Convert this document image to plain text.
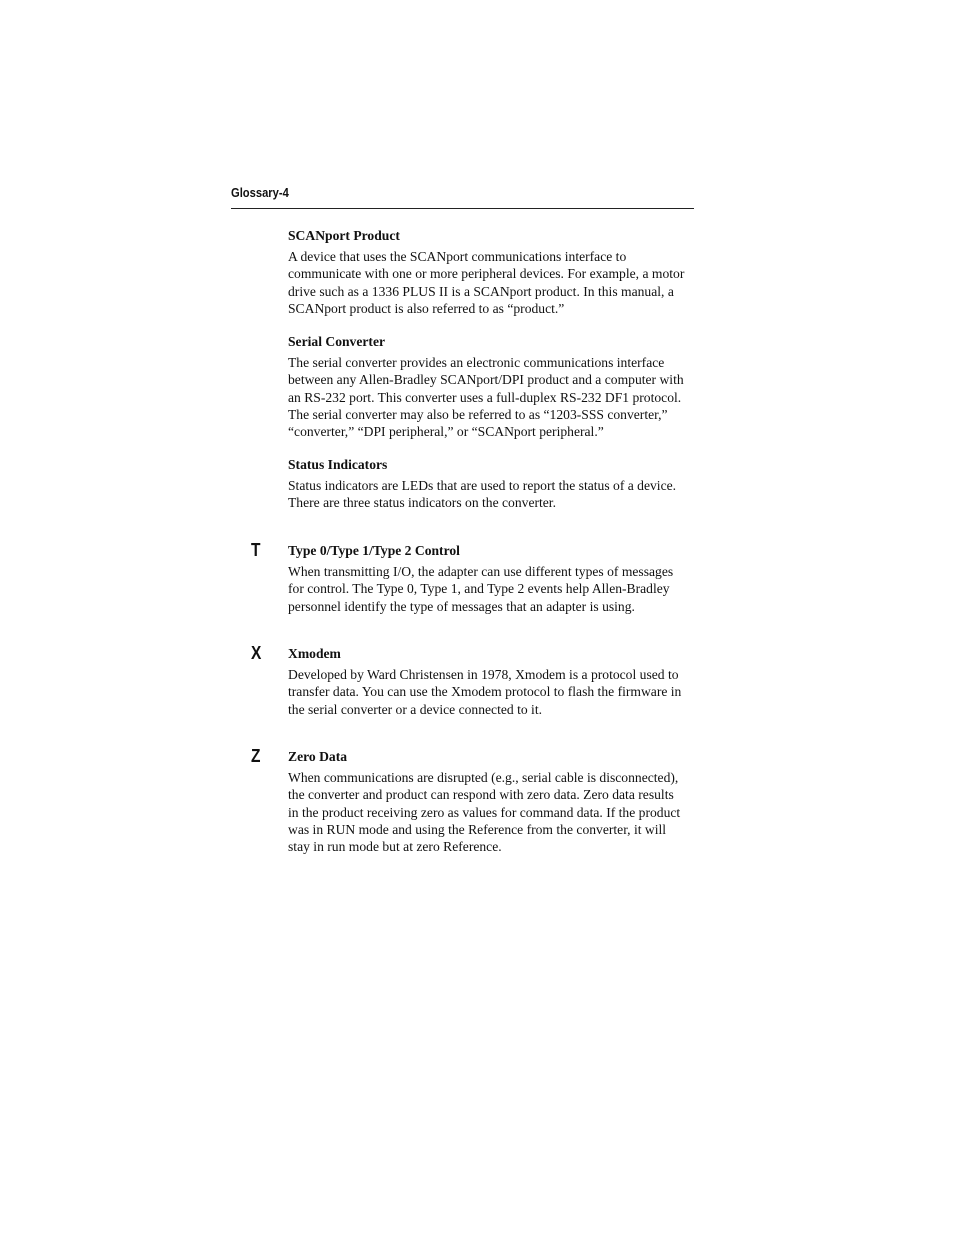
Glossary-4
SCANport Product

A device that uses the SCANport communications interface to
communicate with one or more peripheral devices. For example, a motor
drive such as a 1336 PLUS II is a SCANport product. In this manual, a
SCANport product is also referred to as “product.”

Serial Converter

The serial converter provides an electronic communications interface
between any Allen-Bradley SCANport/DPI product and a computer with
an RS-232 port. This converter uses a full-duplex RS-232 DF1 protocol.
The serial converter may also be referred to as “1203-SSS converter,”
“converter,” “DPI peripheral,” or “SCANport peripheral.”

Status Indicators

Status indicators are LEDs that are used to report the status of a device.
There are three status indicators on the converter.

T Type 0/Type 1/Type 2 Control

When transmitting I/O, the adapter can use different types of messages
for control. The Type 0, Type 1, and Type 2 events help Allen-Bradley
personnel identify the type of messages that an adapter is using.

X Xmodem

Developed by Ward Christensen in 1978, Xmodem is a protocol used to
transfer data. You can use the Xmodem protocol to flash the firmware in
the serial converter or a device connected to it.

Z Zero Data

When communications are disrupted (e.g., serial cable is disconnected),
the converter and product can respond with zero data. Zero data results
in the product receiving zero as values for command data. If the product
was in RUN mode and using the Reference from the converter, it will
stay in run mode but at zero Reference.
